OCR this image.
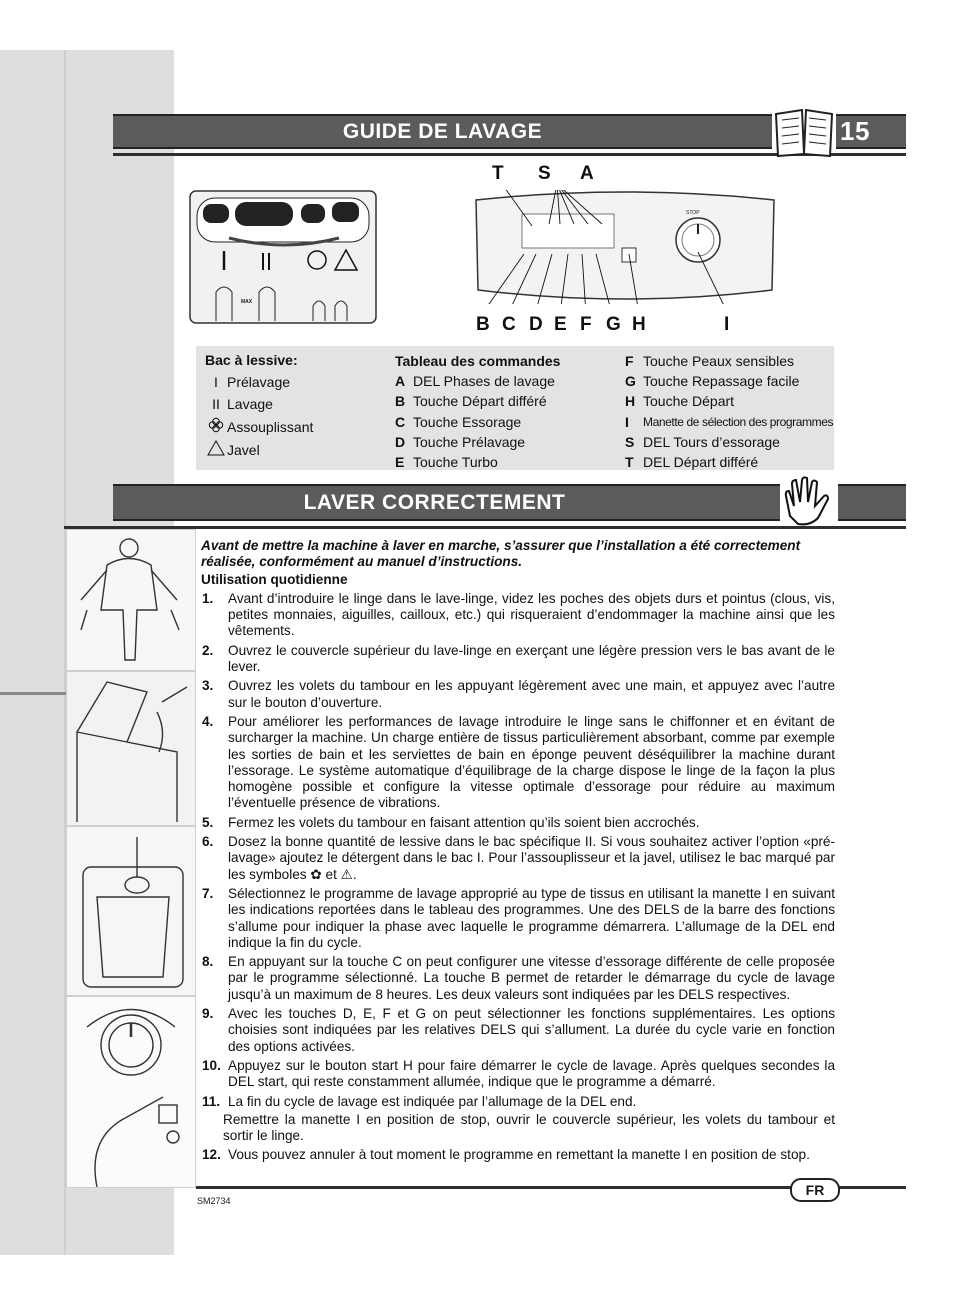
GUIDE DE LAVAGE	15
MAX
STOP
T S A
B C D E F G H	I
Bac à lessive:
I Prélavage
II Lavage
Assouplissant
Javel
Tableau des commandes
A DEL Phases de lavage
B Touche Départ différé
C Touche Essorage
D Touche Prélavage
E Touche Turbo
F Touche Peaux sensibles
G Touche Repassage facile
H Touche Départ
I	Manette de sélection des programmes
S DEL Tours d’essorage
T DEL Départ différé
LAVER CORRECTEMENT

Avant de mettre la machine à laver en marche, s’assurer que l’installation a été correctement réalisée, conformément au manuel d’instructions.

Utilisation quotidienne

1. Avant d’introduire le linge dans le lave-linge, videz les poches des objets durs et pointus (clous, vis, petites monnaies, aiguilles, cailloux, etc.) qui risqueraient d’endommager la machine ainsi que les vêtements.

2. Ouvrez le couvercle supérieur du lave-linge en exerçant une légère pression vers le bas avant de le lever.

3. Ouvrez les volets du tambour en les appuyant légèrement avec une main, et appuyez avec l’autre sur le bouton d’ouverture.

4. Pour améliorer les performances de lavage introduire le linge sans le chiffonner et en évitant de surcharger la machine. Un charge entière de tissus particulièrement absorbant, comme par exemple les sorties de bain et les serviettes de bain en éponge peuvent déséquilibrer la machine durant l’essorage. Le système automatique d’équilibrage de la charge dispose le linge de la façon la plus homogène possible et configure la vitesse optimale d’essorage pour réduire au maximum l’éventuelle présence de vibrations.

5. Fermez les volets du tambour en faisant attention qu’ils soient bien accrochés.

6. Dosez la bonne quantité de lessive dans le bac spécifique II. Si vous souhaitez activer l’option «pré-lavage» ajoutez le détergent dans le bac I. Pour l’assouplisseur et la javel, utilisez le bac marqué par les symboles ✿ et ⚠.

7. Sélectionnez le programme de lavage approprié au type de tissus en utilisant la manette I en suivant les indications reportées dans le tableau des programmes. Une des DELS de la barre des fonctions s’allume pour indiquer la phase avec laquelle le programme démarrera. L’allumage de la DEL end indique la fin du cycle.

8. En appuyant sur la touche C on peut configurer une vitesse d’essorage différente de celle proposée par le programme sélectionné. La touche B permet de retarder le démarrage du cycle de lavage jusqu’à un maximum de 8 heures. Les deux valeurs sont indiquées par les DELS respectives.

9. Avec les touches D, E, F et G on peut sélectionner les fonctions supplémentaires. Les options choisies sont indiquées par les relatives DELS qui s’allument. La durée du cycle varie en fonction des options activées.

10. Appuyez sur le bouton start H pour faire démarrer le cycle de lavage. Après quelques secondes la DEL start, qui reste constamment allumée, indique que le programme a démarré.

11. La fin du cycle de lavage est indiquée par l’allumage de la DEL end.

Remettre la manette I en position de stop, ouvrir le couvercle supérieur, les volets du tambour et sortir le linge.

12. Vous pouvez annuler à tout moment le programme en remettant la manette I en position de stop.

FR
SM2734
